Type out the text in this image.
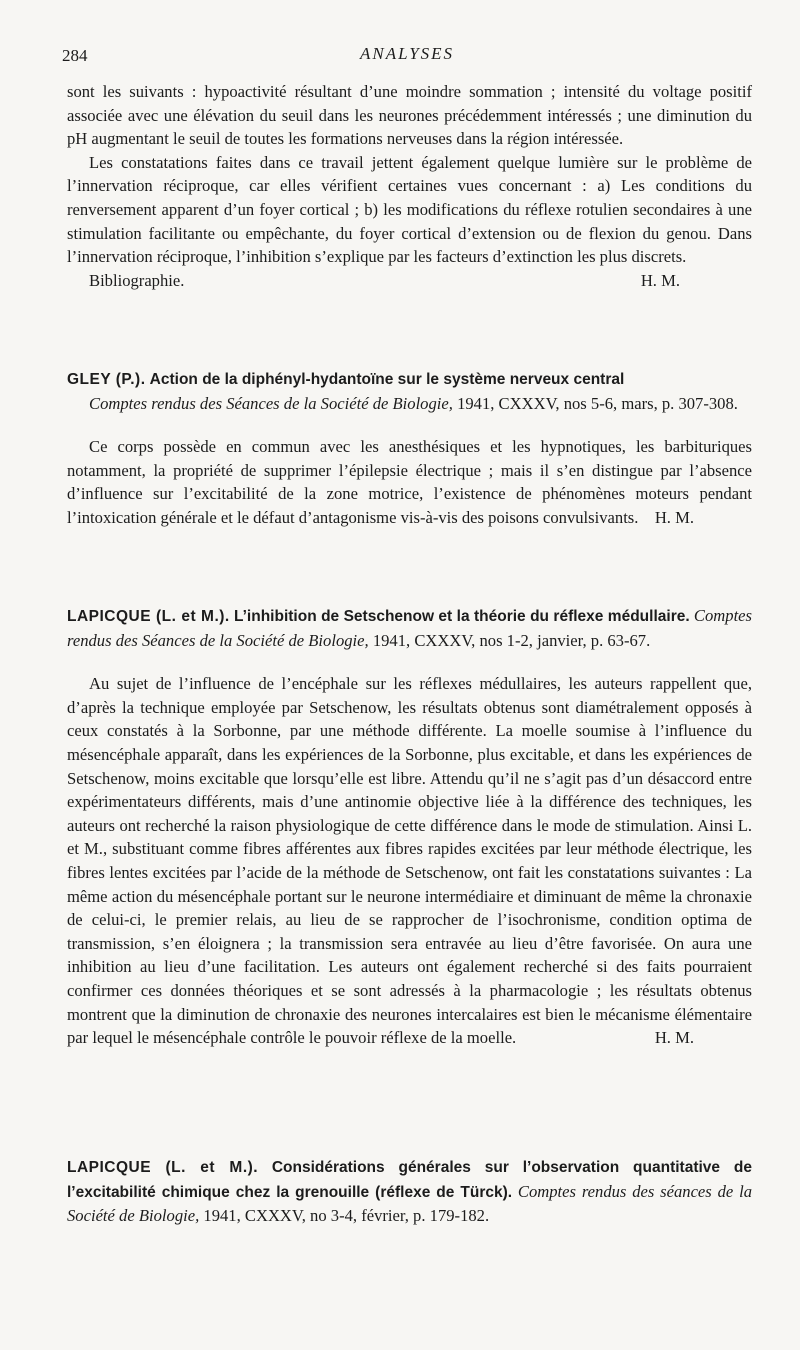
284	ANALYSES

sont les suivants : hypoactivité résultant d’une moindre sommation ; intensité du voltage positif associée avec une élévation du seuil dans les neurones précédemment intéressés ; une diminution du pH augmentant le seuil de toutes les formations nerveuses dans la région intéressée.

Les constatations faites dans ce travail jettent également quelque lumière sur le problème de l’innervation réciproque, car elles vérifient certaines vues concernant : a) Les conditions du renversement apparent d’un foyer cortical ; b) les modifications du réflexe rotulien secondaires à une stimulation facilitante ou empêchante, du foyer cortical d’extension ou de flexion du genou. Dans l’innervation réciproque, l’inhibition s’explique par les facteurs d’extinction les plus discrets.

Bibliographie.	H. M.

GLEY (P.). Action de la diphényl-hydantoïne sur le système nerveux central
Comptes rendus des Séances de la Société de Biologie, 1941, CXXXV, nos 5-6, mars, p. 307-308.

Ce corps possède en commun avec les anesthésiques et les hypnotiques, les barbituriques notamment, la propriété de supprimer l’épilepsie électrique ; mais il s’en distingue par l’absence d’influence sur l’excitabilité de la zone motrice, l’existence de phénomènes moteurs pendant l’intoxication générale et le défaut d’antagonisme vis-à-vis des poisons convulsivants. H. M.

LAPICQUE (L. et M.). L’inhibition de Setschenow et la théorie du réflexe médullaire. Comptes rendus des Séances de la Société de Biologie, 1941, CXXXV, nos 1-2, janvier, p. 63-67.

Au sujet de l’influence de l’encéphale sur les réflexes médullaires, les auteurs rappellent que, d’après la technique employée par Setschenow, les résultats obtenus sont diamétralement opposés à ceux constatés à la Sorbonne, par une méthode différente. La moelle soumise à l’influence du mésencéphale apparaît, dans les expériences de la Sorbonne, plus excitable, et dans les expériences de Setschenow, moins excitable que lorsqu’elle est libre. Attendu qu’il ne s’agit pas d’un désaccord entre expérimentateurs différents, mais d’une antinomie objective liée à la différence des techniques, les auteurs ont recherché la raison physiologique de cette différence dans le mode de stimulation. Ainsi L. et M., substituant comme fibres afférentes aux fibres rapides excitées par leur méthode électrique, les fibres lentes excitées par l’acide de la méthode de Setschenow, ont fait les constatations suivantes : La même action du mésencéphale portant sur le neurone intermédiaire et diminuant de même la chronaxie de celui-ci, le premier relais, au lieu de se rapprocher de l’isochronisme, condition optima de transmission, s’en éloignera ; la transmission sera entravée au lieu d’être favorisée. On aura une inhibition au lieu d’une facilitation. Les auteurs ont également recherché si des faits pourraient confirmer ces données théoriques et se sont adressés à la pharmacologie ; les résultats obtenus montrent que la diminution de chronaxie des neurones intercalaires est bien le mécanisme élémentaire par lequel le mésencéphale contrôle le pouvoir réflexe de la moelle.	H. M.

LAPICQUE (L. et M.). Considérations générales sur l’observation quantitative de l’excitabilité chimique chez la grenouille (réflexe de Türck). Comptes rendus des séances de la Société de Biologie, 1941, CXXXV, no 3-4, février, p. 179-182.
